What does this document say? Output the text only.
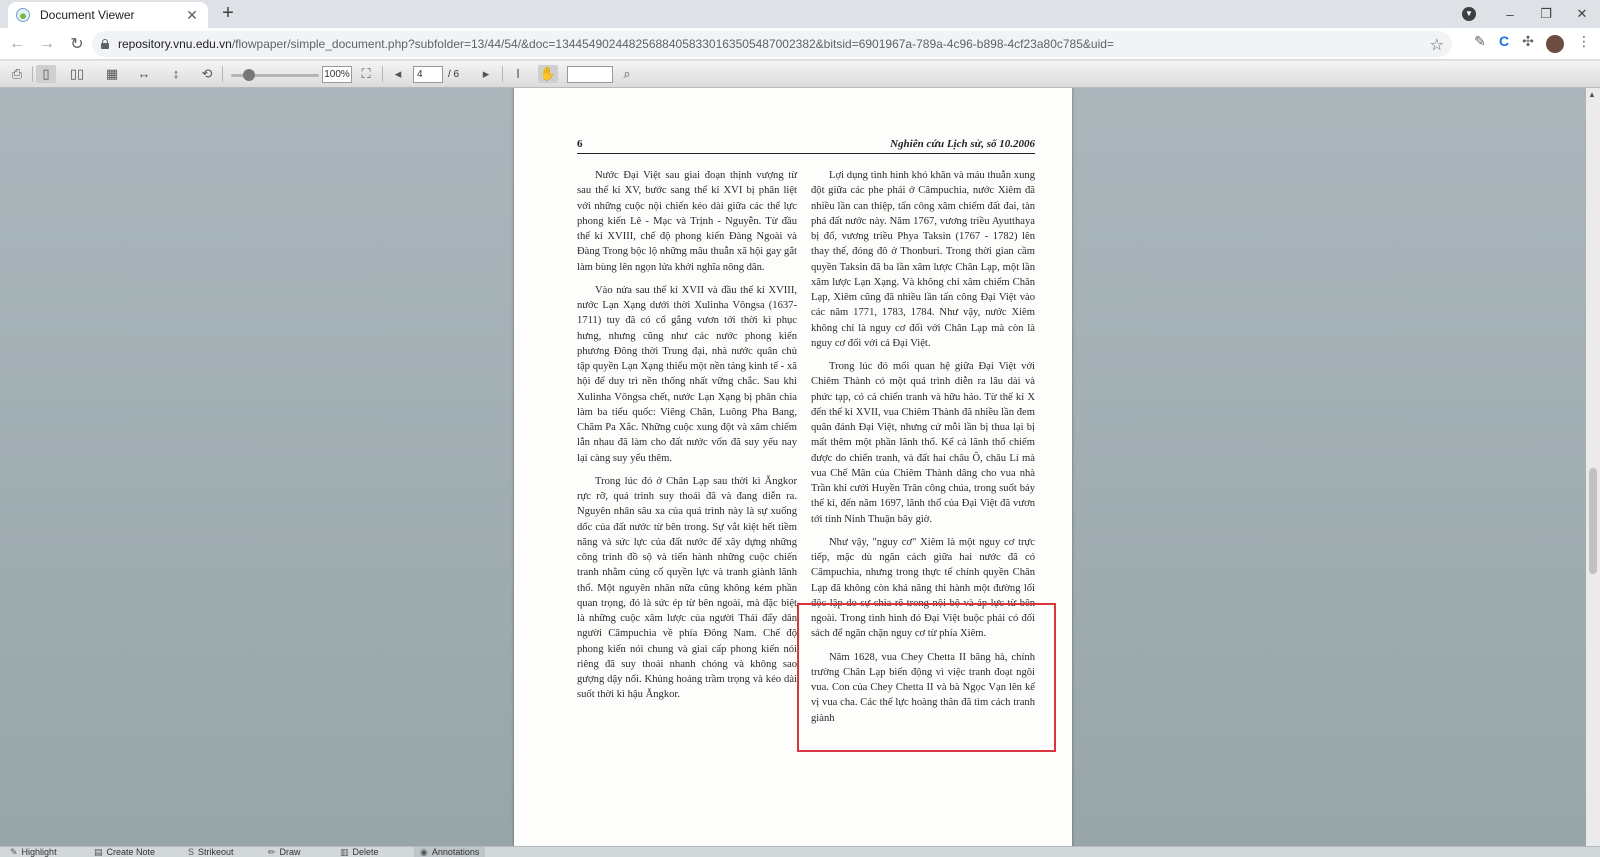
Document Viewer	✕	+	▼	–	❐	✕
← → ↻	repository.vnu.edu.vn/flowpaper/simple_document.php?subfolder=13/44/54/&doc=134454902448256884058330163505487002382&bitsid=6901967a-789a-4c96-b898-4cf23a80c785&uid=	☆ ✎ C ✣	⋮
⎙	▯	▯▯ ▦ ↔	↕	⟲	100% ⛶	◂	4	/ 6	▸	I	✋	⌕
6	Nghiên cứu Lịch sử, số 10.2006

Nước Đại Việt sau giai đoạn thịnh vượng từ sau thế kỉ XV, bước sang thế kỉ XVI bị phân liệt với những cuộc nội chiến kéo dài giữa các thế lực phong kiến Lê - Mạc và Trịnh - Nguyễn. Từ đầu thế kỉ XVIII, chế độ phong kiến Đàng Ngoài và Đàng Trong bộc lộ những mâu thuẫn xã hội gay gắt làm bùng lên ngọn lửa khởi nghĩa nông dân.

Vào nửa sau thế kỉ XVII và đầu thế kỉ XVIII, nước Lạn Xạng dưới thời Xulinha Vôngsa (1637-1711) tuy đã có cố gắng vươn tới thời kì phục hưng, nhưng cũng như các nước phong kiến phương Đông thời Trung đại, nhà nước quân chủ tập quyền Lạn Xạng thiếu một nền tảng kinh tế - xã hội để duy trì nền thống nhất vững chắc. Sau khi Xulinha Vôngsa chết, nước Lạn Xạng bị phân chia làm ba tiểu quốc: Viêng Chăn, Luông Pha Bang, Chăm Pa Xắc. Những cuộc xung đột và xâm chiếm lẫn nhau đã làm cho đất nước vốn đã suy yếu nay lại càng suy yếu thêm.

Trong lúc đó ở Chân Lạp sau thời kì Ăngkor rực rỡ, quá trình suy thoái đã và đang diễn ra. Nguyên nhân sâu xa của quá trình này là sự xuống dốc của đất nước từ bên trong. Sự vắt kiệt hết tiềm năng và sức lực của đất nước để xây dựng những công trình đồ sộ và tiến hành những cuộc chiến tranh nhằm củng cố quyền lực và tranh giành lãnh thổ. Một nguyên nhân nữa cũng không kém phần quan trọng, đó là sức ép từ bên ngoài, mà đặc biệt là những cuộc xâm lược của người Thái đẩy dân người Câmpuchia về phía Đông Nam. Chế độ phong kiến nói chung và giai cấp phong kiến nói riêng đã suy thoái nhanh chóng và không sao gượng dậy nổi. Khủng hoảng trầm trọng và kéo dài suốt thời kì hậu Ăngkor.

Lợi dụng tình hình khó khăn và máu thuẫn xung đột giữa các phe phái ở Câmpuchia, nước Xiêm đã nhiều lần can thiệp, tấn công xâm chiếm đất đai, tàn phá đất nước này. Năm 1767, vương triều Ayutthaya bị đổ, vương triều Phya Taksin (1767 - 1782) lên thay thế, đóng đô ở Thonburi. Trong thời gian cầm quyền Taksin đã ba lần xâm lược Chân Lạp, một lần xâm lược Lạn Xạng. Và không chỉ xâm chiếm Chân Lạp, Xiêm cũng đã nhiều lần tấn công Đại Việt vào các năm 1771, 1783, 1784. Như vậy, nước Xiêm không chỉ là nguy cơ đối với Chân Lạp mà còn là nguy cơ đối với cả Đại Việt.

Trong lúc đó mối quan hệ giữa Đại Việt với Chiêm Thành có một quá trình diễn ra lâu dài và phức tạp, có cả chiến tranh và hữu hảo. Từ thế kỉ X đến thế kỉ XVII, vua Chiêm Thành đã nhiều lần đem quân đánh Đại Việt, nhưng cứ mỗi lần bị thua lại bị mất thêm một phần lãnh thổ. Kể cả lãnh thổ chiếm được do chiến tranh, và đất hai châu Ô, châu Lí mà vua Chế Mân của Chiêm Thành dâng cho vua nhà Trần khi cưới Huyền Trân công chúa, trong suốt bảy thế kỉ, đến năm 1697, lãnh thổ của Đại Việt đã vươn tới tỉnh Ninh Thuận bây giờ.

Như vậy, "nguy cơ" Xiêm là một nguy cơ trực tiếp, mặc dù ngăn cách giữa hai nước đã có Câmpuchia, nhưng trong thực tế chính quyền Chân Lạp đã không còn khả năng thi hành một đường lối độc lập do sự chia rẽ trong nội bộ và áp lực từ bên ngoài. Trong tình hình đó Đại Việt buộc phải có đối sách để ngăn chặn nguy cơ từ phía Xiêm.

Năm 1628, vua Chey Chetta II băng hà, chính trường Chân Lạp biến động vì việc tranh đoạt ngôi vua. Con của Chey Chetta II và bà Ngọc Vạn lên kế vị vua cha. Các thế lực hoàng thân đã tìm cách tranh giành

▲
✎ Highlight	▤ Create Note	S Strikeout	✏ Draw	▥ Delete	◉ Annotations
